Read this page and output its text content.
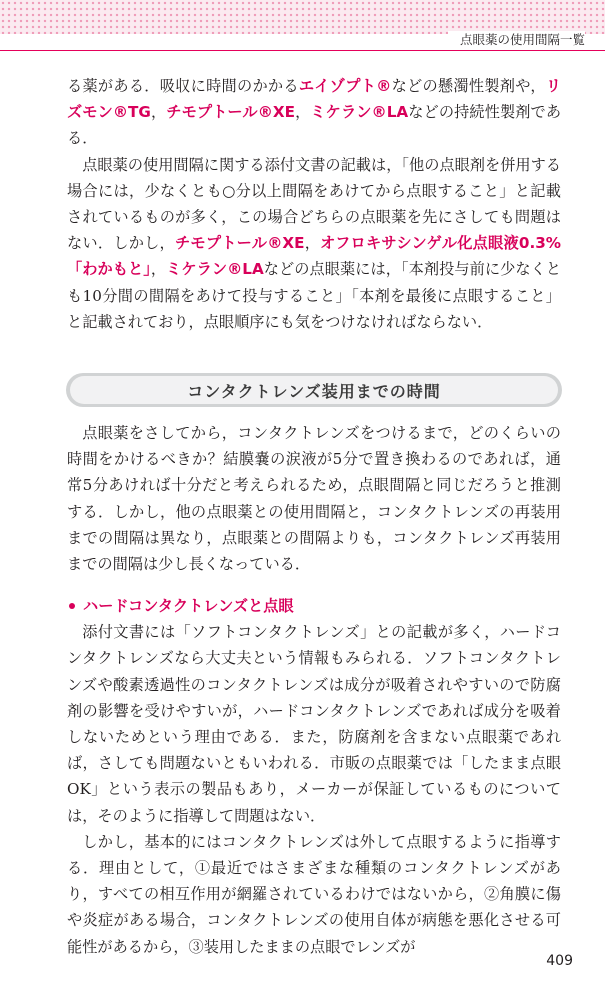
点眼薬の使用間隔一覧

る薬がある．吸収に時間のかかるエイゾプト®などの懸濁性製剤や，リズモン®TG，チモプトール®XE，ミケラン®LAなどの持続性製剤である．

点眼薬の使用間隔に関する添付文書の記載は，「他の点眼剤を併用する場合には，少なくとも○分以上間隔をあけてから点眼すること」と記載されているものが多く，この場合どちらの点眼薬を先にさしても問題はない．しかし，チモプトール®XE，オフロキサシンゲル化点眼液0.3%「わかもと」，ミケラン®LAなどの点眼薬には，「本剤投与前に少なくとも10分間の間隔をあけて投与すること」「本剤を最後に点眼すること」と記載されており，点眼順序にも気をつけなければならない．

コンタクトレンズ装用までの時間

点眼薬をさしてから，コンタクトレンズをつけるまで，どのくらいの時間をかけるべきか？結膜嚢の涙液が5分で置き換わるのであれば，通常5分あければ十分だと考えられるため，点眼間隔と同じだろうと推測する．しかし，他の点眼薬との使用間隔と，コンタクトレンズの再装用までの間隔は異なり，点眼薬との間隔よりも，コンタクトレンズ再装用までの間隔は少し長くなっている．

ハードコンタクトレンズと点眼

添付文書には「ソフトコンタクトレンズ」との記載が多く，ハードコンタクトレンズなら大丈夫という情報もみられる．ソフトコンタクトレンズや酸素透過性のコンタクトレンズは成分が吸着されやすいので防腐剤の影響を受けやすいが，ハードコンタクトレンズであれば成分を吸着しないためという理由である．また，防腐剤を含まない点眼薬であれば，さしても問題ないともいわれる．市販の点眼薬では「したまま点眼OK」という表示の製品もあり，メーカーが保証しているものについては，そのように指導して問題はない．

しかし，基本的にはコンタクトレンズは外して点眼するように指導する．理由として，①最近ではさまざまな種類のコンタクトレンズがあり，すべての相互作用が網羅されているわけではないから，②角膜に傷や炎症がある場合，コンタクトレンズの使用自体が病態を悪化させる可能性があるから，③装用したままの点眼でレンズが

409
